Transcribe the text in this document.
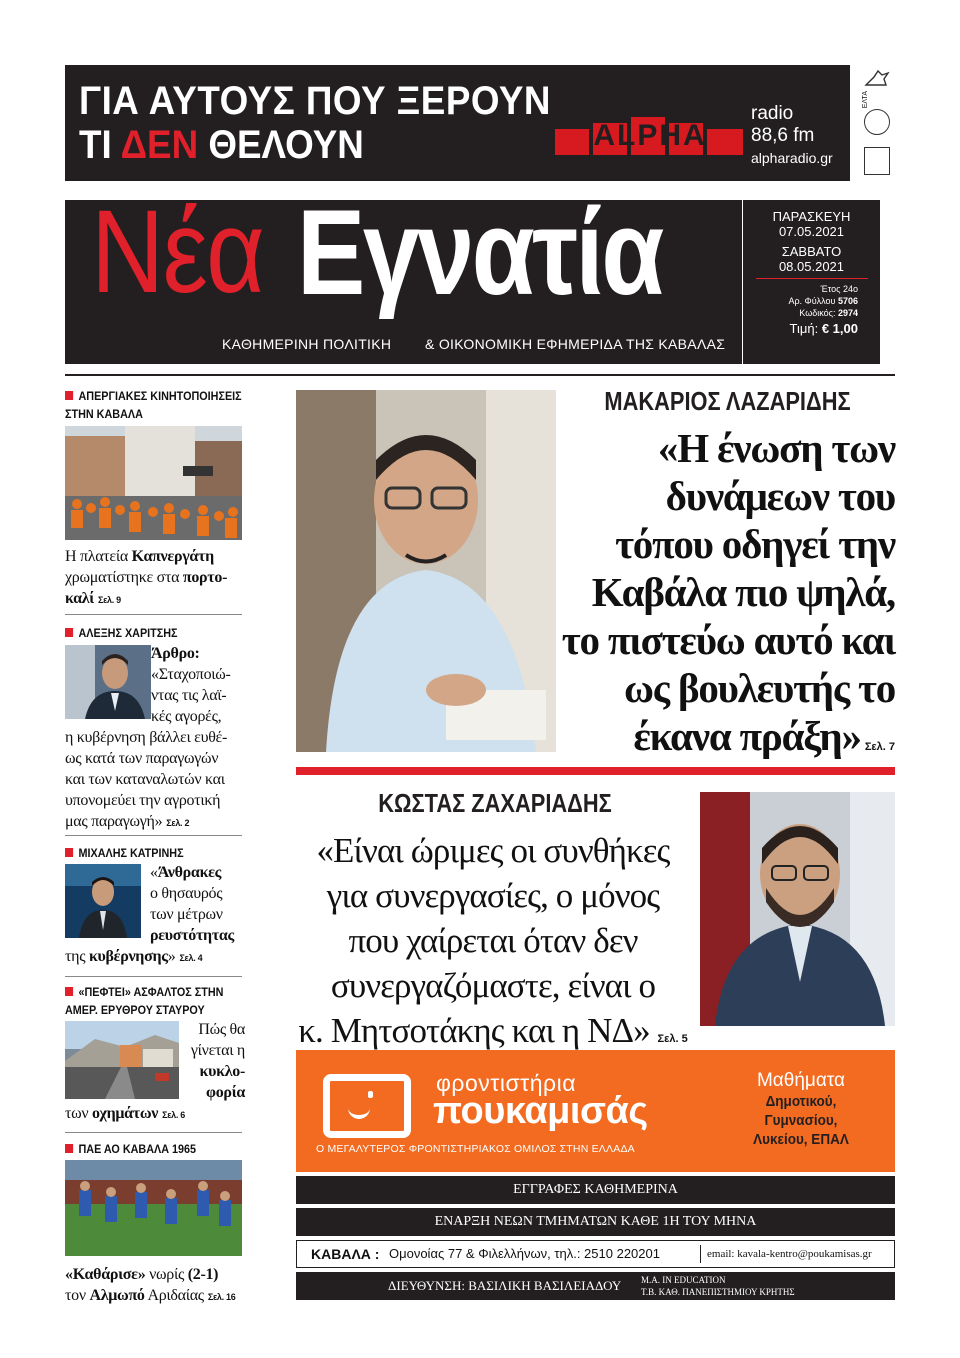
ΓΙΑ ΑΥΤΟΥΣ ΠΟΥ ΞΕΡΟΥΝ
ΤΙ ΔΕΝ ΘΕΛΟΥΝ	ALPHA
radio
88,6 fm
alpharadio.gr
ΕΛΤΑ
Νέα Εγνατία
ΚΑΘΗΜΕΡΙΝΗ ΠΟΛΙΤΙΚΗ & ΟΙΚΟΝΟΜΙΚΗ ΕΦΗΜΕΡΙΔΑ ΤΗΣ ΚΑΒΑΛΑΣ
ΠΑΡΑΣΚΕΥΗ
07.05.2021
ΣΑΒΒΑΤΟ
08.05.2021
Έτος 24ο
Αρ. Φύλλου 5706
Κωδικός: 2974
Τιμή: € 1,00
ΑΠΕΡΓΙΑΚΕΣ ΚΙΝΗΤΟΠΟΙΗΣΕΙΣ
ΣΤΗΝ ΚΑΒΑΛΑ
Η πλατεία Καπνεργάτη
χρωματίστηκε στα πορτο-
καλί Σελ. 9
ΑΛΕΞΗΣ ΧΑΡΙΤΣΗΣ
Άρθρο:
«Σταχοποιώ-
ντας τις λαϊ-
κές αγορές,
η κυβέρνηση βάλλει ευθέ-
ως κατά των παραγωγών
και των καταναλωτών και
υπονομεύει την αγροτική
μας παραγωγή» Σελ. 2
ΜΙΧΑΛΗΣ ΚΑΤΡΙΝΗΣ
«Άνθρακες
ο θησαυρός
των μέτρων
ρευστότητας
της κυβέρνησης» Σελ. 4
«ΠΕΦΤΕΙ» ΑΣΦΑΛΤΟΣ ΣΤΗΝ
ΑΜΕΡ. ΕΡΥΘΡΟΥ ΣΤΑΥΡΟΥ
Πώς θα
γίνεται η
κυκλο-
φορία
των οχημάτων Σελ. 6
ΠΑΕ ΑΟ ΚΑΒΑΛΑ 1965
«Καθάρισε» νωρίς (2-1)
τον Αλμωπό Αριδαίας Σελ. 16
ΜΑΚΑΡΙΟΣ ΛΑΖΑΡΙΔΗΣ
«Η ένωση των
δυνάμεων του
τόπου οδηγεί την
Καβάλα πιο ψηλά,
το πιστεύω αυτό και
ως βουλευτής το
έκανα πράξη» Σελ. 7
ΚΩΣΤΑΣ ΖΑΧΑΡΙΑΔΗΣ
«Είναι ώριμες οι συνθήκες
για συνεργασίες, ο μόνος
που χαίρεται όταν δεν
συνεργαζόμαστε, είναι ο
κ. Μητσοτάκης και η ΝΔ» Σελ. 5
φροντιστήρια
πουκαμισάς
Ο ΜΕΓΑΛΥΤΕΡΟΣ ΦΡΟΝΤΙΣΤΗΡΙΑΚΟΣ ΟΜΙΛΟΣ ΣΤΗΝ ΕΛΛΑΔΑ
Μαθήματα
Δημοτικού,
Γυμνασίου,
Λυκείου, ΕΠΑΛ
ΕΓΓΡΑΦΕΣ ΚΑΘΗΜΕΡΙΝΑ
ΕΝΑΡΞΗ ΝΕΩΝ ΤΜΗΜΑΤΩΝ ΚΑΘΕ 1Η ΤΟΥ ΜΗΝΑ
ΚΑΒΑΛΑ : Ομονοίας 77 & Φιλελλήνων, τηλ.: 2510 220201	email: kavala-kentro@poukamisas.gr
ΔΙΕΥΘΥΝΣΗ: ΒΑΣΙΛΙΚΗ ΒΑΣΙΛΕΙΑΔΟΥ M.A. IN EDUCATION
Τ.Β. ΚΑΘ. ΠΑΝΕΠΙΣΤΗΜΙΟΥ ΚΡΗΤΗΣ
